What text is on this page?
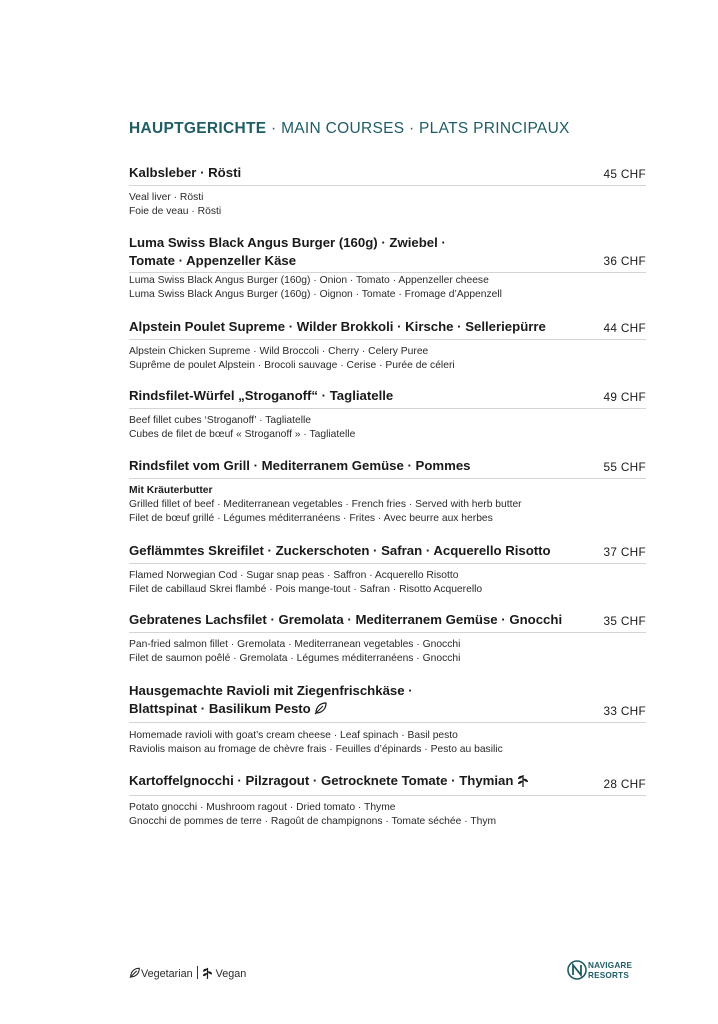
HAUPTGERICHTE · MAIN COURSES · PLATS PRINCIPAUX
Kalbsleber · Rösti	45 CHF
Veal liver · Rösti
Foie de veau · Rösti
Luma Swiss Black Angus Burger (160g) · Zwiebel · Tomate · Appenzeller Käse	36 CHF
Luma Swiss Black Angus Burger (160g) · Onion · Tomato · Appenzeller cheese
Luma Swiss Black Angus Burger (160g) · Oignon · Tomate · Fromage d’Appenzell
Alpstein Poulet Supreme · Wilder Brokkoli · Kirsche · Selleriepürre	44 CHF
Alpstein Chicken Supreme · Wild Broccoli · Cherry · Celery Puree
Suprême de poulet Alpstein · Brocoli sauvage · Cerise · Purée de céleri
Rindsfilet-Würfel „Stroganoff“ · Tagliatelle	49 CHF
Beef fillet cubes ‘Stroganoff’ · Tagliatelle
Cubes de filet de bœuf « Stroganoff » · Tagliatelle
Rindsfilet vom Grill · Mediterranem Gemüse · Pommes	55 CHF
Mit Kräuterbutter
Grilled fillet of beef · Mediterranean vegetables · French fries · Served with herb butter
Filet de bœuf grillé · Légumes méditerranéens · Frites · Avec beurre aux herbes
Geflämmtes Skreifilet · Zuckerschoten · Safran · Acquerello Risotto	37 CHF
Flamed Norwegian Cod · Sugar snap peas · Saffron · Acquerello Risotto
Filet de cabillaud Skrei flambé · Pois mange-tout · Safran · Risotto Acquerello
Gebratenes Lachsfilet · Gremolata · Mediterranem Gemüse · Gnocchi	35 CHF
Pan-fried salmon fillet · Gremolata · Mediterranean vegetables · Gnocchi
Filet de saumon poêlé · Gremolata · Légumes méditerranéens · Gnocchi
Hausgemachte Ravioli mit Ziegenfrischkäse · Blattspinat · Basilikum Pesto	33 CHF
Homemade ravioli with goat’s cream cheese · Leaf spinach · Basil pesto
Raviolis maison au fromage de chèvre frais · Feuilles d’épinards · Pesto au basilic
Kartoffelgnocchi · Pilzragout · Getrocknete Tomate · Thymian	28 CHF
Potato gnocchi · Mushroom ragout · Dried tomato · Thyme
Gnocchi de pommes de terre · Ragoût de champignons · Tomate séchée · Thym
Vegetarian Vegan
NAVIGARE
RESORTS
